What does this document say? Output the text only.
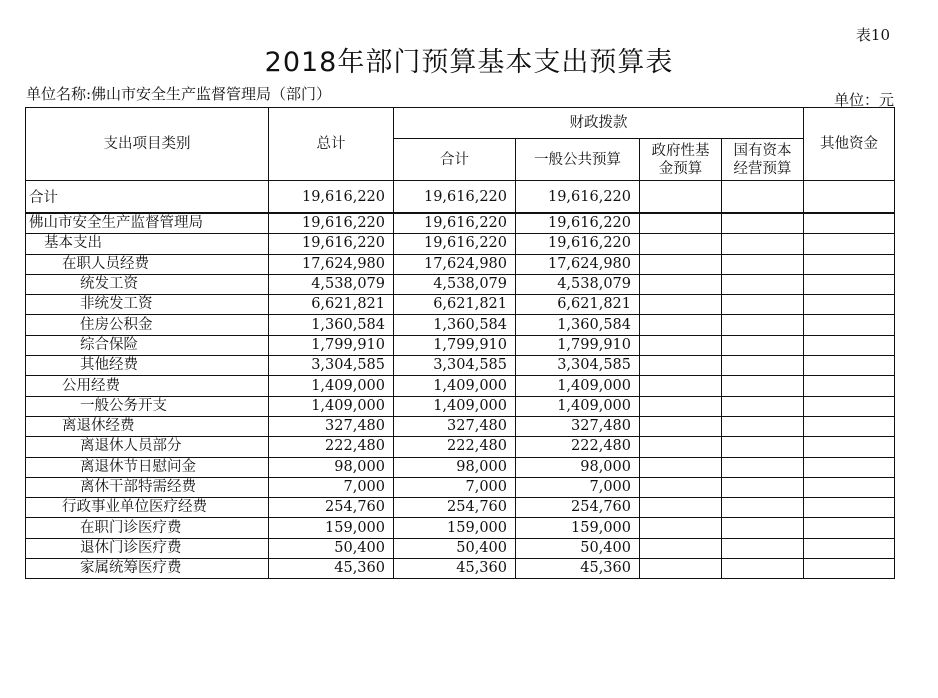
表10
2018年部门预算基本支出预算表
单位名称:佛山市安全生产监督管理局（部门）	单位：元
支出项目类别	总计	财政拨款				其他资金
		合计	一般公共预算	政府性基金预算	国有资本经营预算	
合计	19,616,220	19,616,220	19,616,220			
佛山市安全生产监督管理局	19,616,220	19,616,220	19,616,220			
基本支出	19,616,220	19,616,220	19,616,220			
在职人员经费	17,624,980	17,624,980	17,624,980			
统发工资	4,538,079	4,538,079	4,538,079			
非统发工资	6,621,821	6,621,821	6,621,821			
住房公积金	1,360,584	1,360,584	1,360,584			
综合保险	1,799,910	1,799,910	1,799,910			
其他经费	3,304,585	3,304,585	3,304,585			
公用经费	1,409,000	1,409,000	1,409,000			
一般公务开支	1,409,000	1,409,000	1,409,000			
离退休经费	327,480	327,480	327,480			
离退休人员部分	222,480	222,480	222,480			
离退休节日慰问金	98,000	98,000	98,000			
离休干部特需经费	7,000	7,000	7,000			
行政事业单位医疗经费	254,760	254,760	254,760			
在职门诊医疗费	159,000	159,000	159,000			
退休门诊医疗费	50,400	50,400	50,400			
家属统筹医疗费	45,360	45,360	45,360			
